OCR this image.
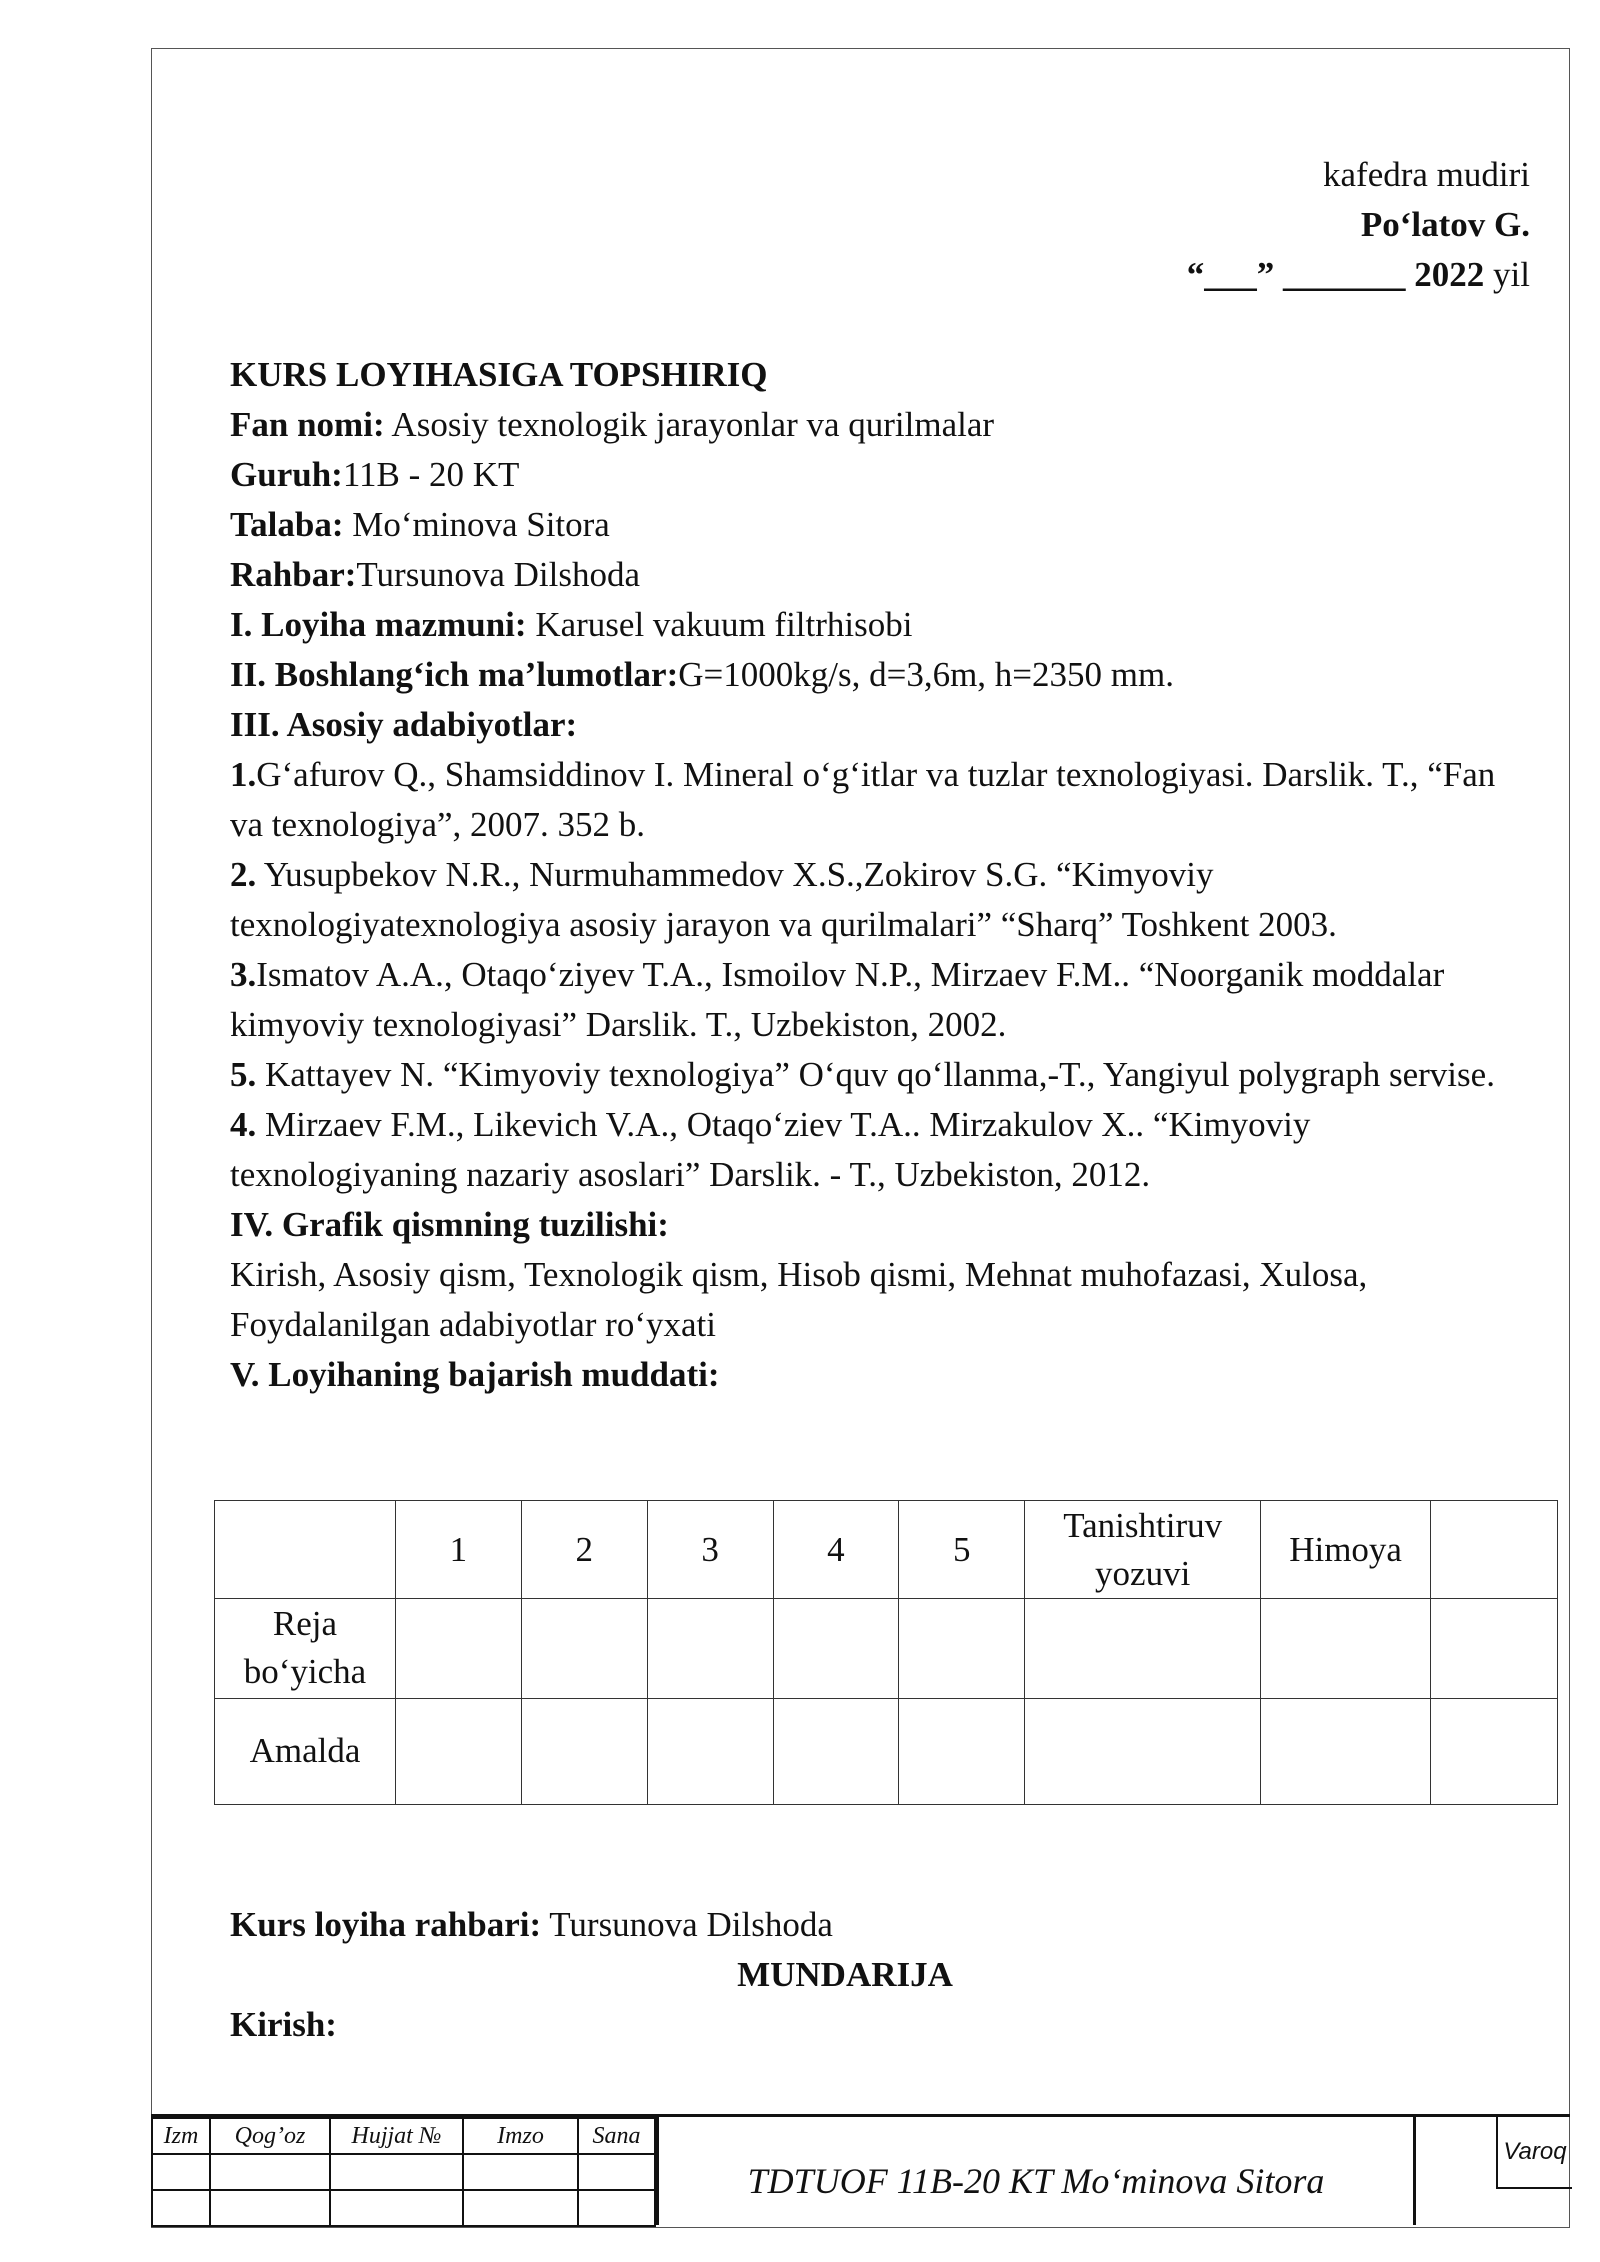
kafedra mudiri
Po‘latov G.
“___” _______ 2022 yil

KURS LOYIHASIGA TOPSHIRIQ

Fan nomi: Asosiy texnologik jarayonlar va qurilmalar

Guruh:11B - 20 KT

Talaba: Mo‘minova Sitora

Rahbar:Tursunova Dilshoda

I. Loyiha mazmuni: Karusel vakuum filtrhisobi

II. Boshlang‘ich ma’lumotlar:G=1000kg/s, d=3,6m, h=2350 mm.

III. Asosiy adabiyotlar:

1.G‘afurov Q., Shamsiddinov I. Mineral o‘g‘itlar va tuzlar texnologiyasi. Darslik. T., “Fan va texnologiya”, 2007. 352 b.

2. Yusupbekov N.R., Nurmuhammedov X.S.,Zokirov S.G. “Kimyoviy texnologiyatexnologiya asosiy jarayon va qurilmalari” “Sharq” Toshkent 2003.

3.Ismatov A.A., Otaqo‘ziyev T.A., Ismoilov N.P., Mirzaev F.M.. “Noorganik moddalar kimyoviy texnologiyasi” Darslik. T., Uzbekiston, 2002.

5. Kattayev N. “Kimyoviy texnologiya” O‘quv qo‘llanma,-T., Yangiyul polygraph servise.

4. Mirzaev F.M., Likevich V.A., Otaqo‘ziev T.A.. Mirzakulov X.. “Kimyoviy texnologiyaning nazariy asoslari” Darslik. - T., Uzbekiston, 2012.

IV. Grafik qismning tuzilishi:

Kirish, Asosiy qism, Texnologik qism, Hisob qismi, Mehnat muhofazasi, Xulosa, Foydalanilgan adabiyotlar ro‘yxati

V. Loyihaning bajarish muddati:

	1	2	3	4	5	Tanishtiruv yozuvi	Himoya	
Reja bo‘yicha								
Amalda								
Kurs loyiha rahbari: Tursunova Dilshoda
MUNDARIJA
Kirish:
Izm	Qog’oz	Hujjat №	Imzo	Sana

TDTUOF 11B-20 KT Mo‘minova Sitora
Varoq
